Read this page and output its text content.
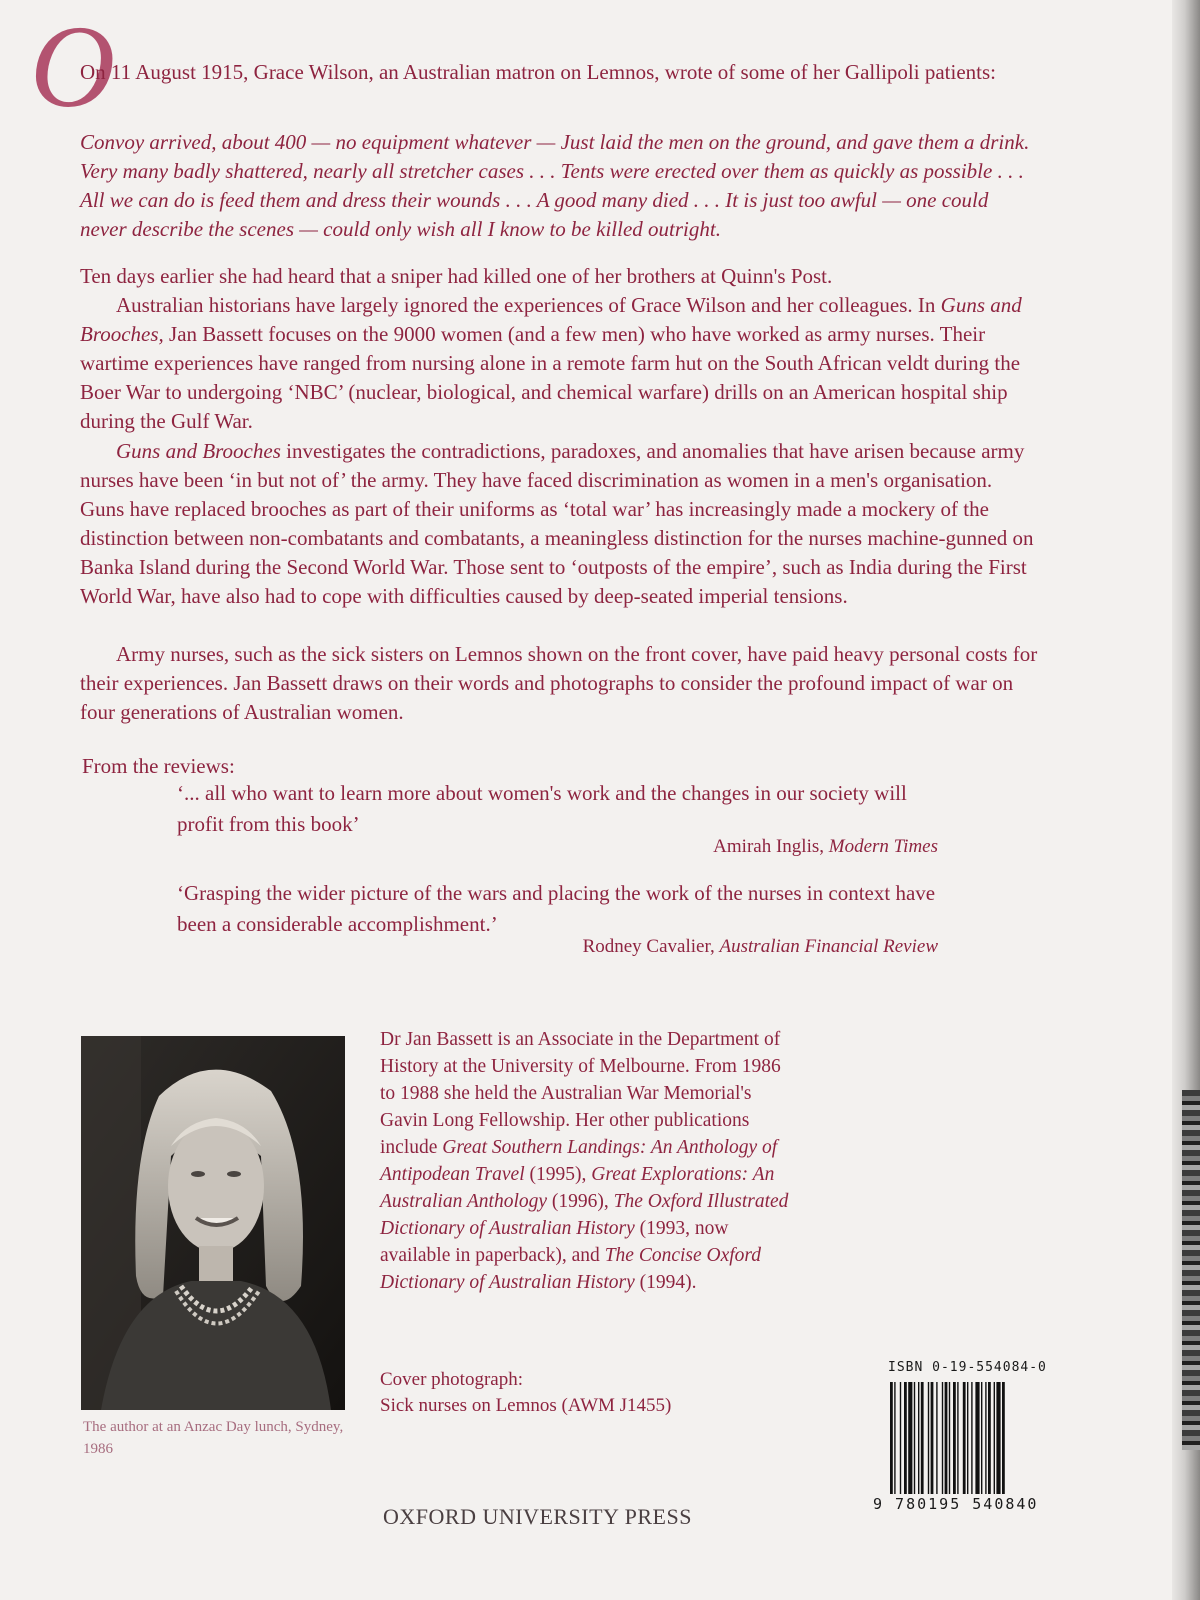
O

On 11 August 1915, Grace Wilson, an Australian matron on Lemnos, wrote of some of her Gallipoli patients:

Convoy arrived, about 400 — no equipment whatever — Just laid the men on the ground, and gave them a drink. Very many badly shattered, nearly all stretcher cases . . . Tents were erected over them as quickly as possible . . . All we can do is feed them and dress their wounds . . . A good many died . . . It is just too awful — one could never describe the scenes — could only wish all I know to be killed outright.

Ten days earlier she had heard that a sniper had killed one of her brothers at Quinn's Post.

Australian historians have largely ignored the experiences of Grace Wilson and her colleagues. In Guns and Brooches, Jan Bassett focuses on the 9000 women (and a few men) who have worked as army nurses. Their wartime experiences have ranged from nursing alone in a remote farm hut on the South African veldt during the Boer War to undergoing ‘NBC’ (nuclear, biological, and chemical warfare) drills on an American hospital ship during the Gulf War.

Guns and Brooches investigates the contradictions, paradoxes, and anomalies that have arisen because army nurses have been ‘in but not of’ the army. They have faced discrimination as women in a men's organisation. Guns have replaced brooches as part of their uniforms as ‘total war’ has increasingly made a mockery of the distinction between non-combatants and combatants, a meaningless distinction for the nurses machine-gunned on Banka Island during the Second World War. Those sent to ‘outposts of the empire’, such as India during the First World War, have also had to cope with difficulties caused by deep-seated imperial tensions.

Army nurses, such as the sick sisters on Lemnos shown on the front cover, have paid heavy personal costs for their experiences. Jan Bassett draws on their words and photographs to consider the profound impact of war on four generations of Australian women.

From the reviews:
‘... all who want to learn more about women's work and the changes in our society will profit from this book’
Amirah Inglis, Modern Times
‘Grasping the wider picture of the wars and placing the work of the nurses in context have been a considerable accomplishment.’
Rodney Cavalier, Australian Financial Review
The author at an Anzac Day lunch, Sydney, 1986

Dr Jan Bassett is an Associate in the Department of History at the University of Melbourne. From 1986 to 1988 she held the Australian War Memorial's Gavin Long Fellowship. Her other publications include Great Southern Landings: An Anthology of Antipodean Travel (1995), Great Explorations: An Australian Anthology (1996), The Oxford Illustrated Dictionary of Australian History (1993, now available in paperback), and The Concise Oxford Dictionary of Australian History (1994).

Cover photograph:
Sick nurses on Lemnos (AWM J1455)
ISBN 0-19-554084-0
9 780195 540840
OXFORD UNIVERSITY PRESS
